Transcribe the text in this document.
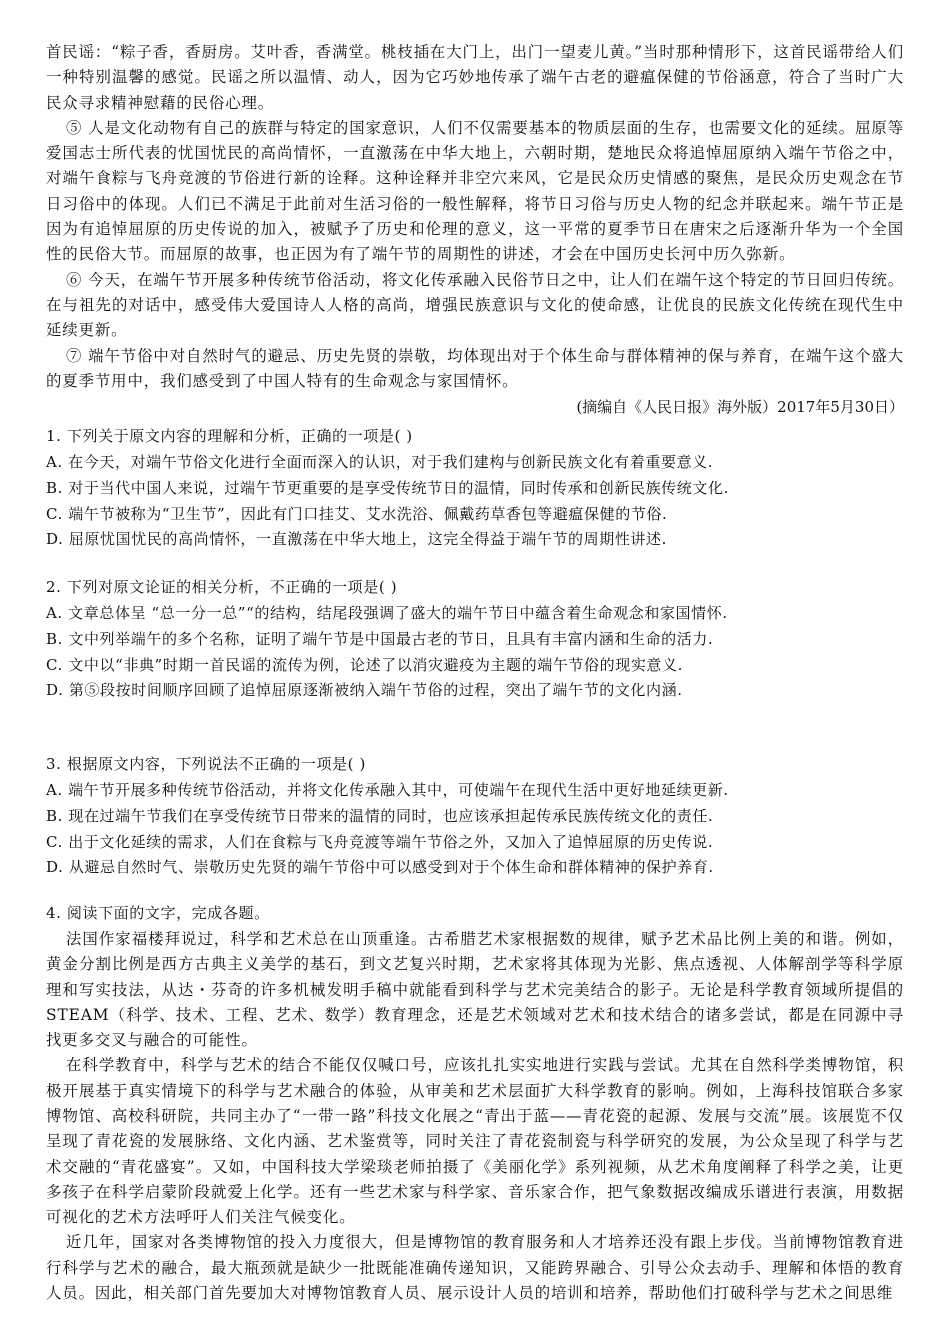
首民谣：“粽子香，香厨房。艾叶香，香满堂。桃枝插在大门上，出门一望麦儿黄。”当时那种情形下，这首民谣带给人们一种特别温馨的感觉。民谣之所以温情、动人，因为它巧妙地传承了端午古老的避瘟保健的节俗涵意，符合了当时广大民众寻求精神慰藉的民俗心理。

⑤ 人是文化动物有自己的族群与特定的国家意识，人们不仅需要基本的物质层面的生存，也需要文化的延续。屈原等爱国志士所代表的忧国忧民的高尚情怀，一直激荡在中华大地上，六朝时期，楚地民众将追悼屈原纳入端午节俗之中，对端午食粽与飞舟竞渡的节俗进行新的诠释。这种诠释并非空穴来风，它是民众历史情感的聚焦，是民众历史观念在节日习俗中的体现。人们已不满足于此前对生活习俗的一般性解释，将节日习俗与历史人物的纪念并联起来。端午节正是因为有追悼屈原的历史传说的加入，被赋予了历史和伦理的意义，这一平常的夏季节日在唐宋之后逐渐升华为一个全国性的民俗大节。而屈原的故事，也正因为有了端午节的周期性的讲述，才会在中国历史长河中历久弥新。

⑥ 今天，在端午节开展多种传统节俗活动，将文化传承融入民俗节日之中，让人们在端午这个特定的节日回归传统。在与祖先的对话中，感受伟大爱国诗人人格的高尚，增强民族意识与文化的使命感，让优良的民族文化传统在现代生中延续更新。

⑦ 端午节俗中对自然时气的避忌、历史先贤的崇敬，均体现出对于个体生命与群体精神的保与养育，在端午这个盛大的夏季节用中，我们感受到了中国人特有的生命观念与家国情怀。

(摘编自《人民日报》海外版）2017年5月30日）

1. 下列关于原文内容的理解和分析，正确的一项是( )

A. 在今天，对端午节俗文化进行全面而深入的认识，对于我们建构与创新民族文化有着重要意义.

B. 对于当代中国人来说，过端午节更重要的是享受传统节日的温情，同时传承和创新民族传统文化.

C. 端午节被称为“卫生节”，因此有门口挂艾、艾水洗浴、佩戴药草香包等避瘟保健的节俗.

D. 屈原忧国忧民的高尚情怀，一直激荡在中华大地上，这完全得益于端午节的周期性讲述.

2. 下列对原文论证的相关分析，不正确的一项是( )

A. 文章总体呈 “总一分一总”“的结构，结尾段强调了盛大的端午节日中蕴含着生命观念和家国情怀.

B. 文中列举端午的多个名称，证明了端午节是中国最古老的节日，且具有丰富内涵和生命的活力.

C. 文中以“非典”时期一首民谣的流传为例，论述了以消灾避疫为主题的端午节俗的现实意义.

D. 第⑤段按时间顺序回顾了追悼屈原逐渐被纳入端午节俗的过程，突出了端午节的文化内涵.

3. 根据原文内容，下列说法不正确的一项是( )

A. 端午节开展多种传统节俗活动，并将文化传承融入其中，可使端午在现代生活中更好地延续更新.

B. 现在过端午节我们在享受传统节日带来的温情的同时，也应该承担起传承民族传统文化的责任.

C. 出于文化延续的需求，人们在食粽与飞舟竞渡等端午节俗之外，又加入了追悼屈原的历史传说.

D. 从避忌自然时气、崇敬历史先贤的端午节俗中可以感受到对于个体生命和群体精神的保护养育.

4. 阅读下面的文字，完成各题。

法国作家福楼拜说过，科学和艺术总在山顶重逢。古希腊艺术家根据数的规律，赋予艺术品比例上美的和谐。例如，黄金分割比例是西方古典主义美学的基石，到文艺复兴时期，艺术家将其体现为光影、焦点透视、人体解剖学等科学原理和写实技法，从达・芬奇的许多机械发明手稿中就能看到科学与艺术完美结合的影子。无论是科学教育领域所提倡的STEAM（科学、技术、工程、艺术、数学）教育理念，还是艺术领域对艺术和技术结合的诸多尝试，都是在同源中寻找更多交叉与融合的可能性。

在科学教育中，科学与艺术的结合不能仅仅喊口号，应该扎扎实实地进行实践与尝试。尤其在自然科学类博物馆，积极开展基于真实情境下的科学与艺术融合的体验，从审美和艺术层面扩大科学教育的影响。例如，上海科技馆联合多家博物馆、高校科研院，共同主办了“一带一路”科技文化展之“青出于蓝——青花瓷的起源、发展与交流”展。该展览不仅呈现了青花瓷的发展脉络、文化内涵、艺术鉴赏等，同时关注了青花瓷制瓷与科学研究的发展，为公众呈现了科学与艺术交融的“青花盛宴”。又如，中国科技大学梁琰老师拍摄了《美丽化学》系列视频，从艺术角度阐释了科学之美，让更多孩子在科学启蒙阶段就爱上化学。还有一些艺术家与科学家、音乐家合作，把气象数据改编成乐谱进行表演，用数据可视化的艺术方法呼吁人们关注气候变化。

近几年，国家对各类博物馆的投入力度很大，但是博物馆的教育服务和人才培养还没有跟上步伐。当前博物馆教育进行科学与艺术的融合，最大瓶颈就是缺少一批既能准确传递知识，又能跨界融合、引导公众去动手、理解和体悟的教育人员。因此，相关部门首先要加大对博物馆教育人员、展示设计人员的培训和培养，帮助他们打破科学与艺术之间思维
